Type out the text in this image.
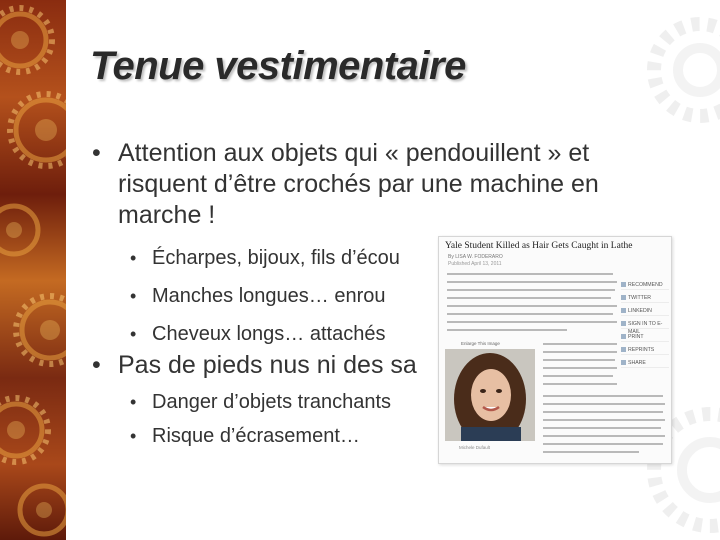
Tenue vestimentaire

• Attention aux objets qui « pendouillent » et risquent d’être crochés par une machine en marche !

• Écharpes, bijoux, fils d’écou

• Manches longues… enrou

• Cheveux longs… attachés

• Pas de pieds nus ni des sa

• Danger d’objets tranchants

• Risque d’écrasement…

Yale Student Killed as Hair Gets Caught in Lathe
By LISA W. FODERARO
Published April 13, 2011
RECOMMEND
TWITTER
LINKEDIN
SIGN IN TO E-MAIL
PRINT
REPRINTS
SHARE
Enlarge This Image
Michele Dufault
